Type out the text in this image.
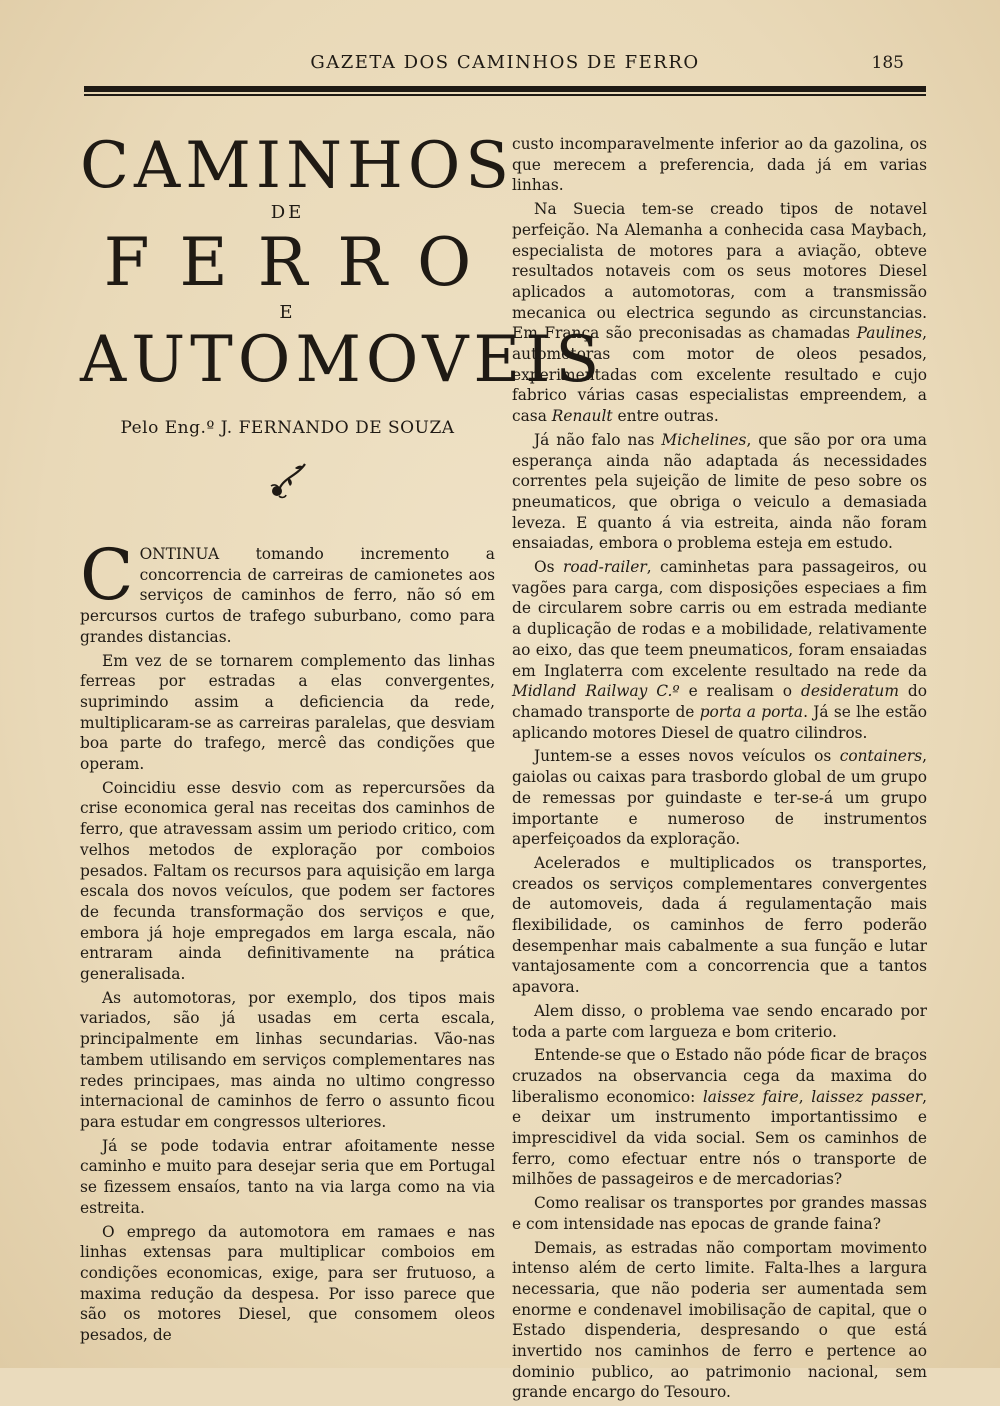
GAZETA DOS CAMINHOS DE FERRO	185
CAMINHOS
DE
FERRO
E
AUTOMOVEIS
Pelo Eng.º J. FERNANDO DE SOUZA

CONTINUA tomando incremento a concorrencia de carreiras de camionetes aos serviços de caminhos de ferro, não só em percursos curtos de trafego suburbano, como para grandes distancias.

Em vez de se tornarem complemento das linhas ferreas por estradas a elas convergentes, suprimindo assim a deficiencia da rede, multiplicaram-se as carreiras paralelas, que desviam boa parte do trafego, mercê das condições que operam.

Coincidiu esse desvio com as repercursões da crise economica geral nas receitas dos caminhos de ferro, que atravessam assim um periodo critico, com velhos metodos de exploração por comboios pesados. Faltam os recursos para aquisição em larga escala dos novos veículos, que podem ser factores de fecunda transformação dos serviços e que, embora já hoje empregados em larga escala, não entraram ainda definitivamente na prática generalisada.

As automotoras, por exemplo, dos tipos mais variados, são já usadas em certa escala, principalmente em linhas secundarias. Vão-nas tambem utilisando em serviços complementares nas redes principaes, mas ainda no ultimo congresso internacional de caminhos de ferro o assunto ficou para estudar em congressos ulteriores.

Já se pode todavia entrar afoitamente nesse caminho e muito para desejar seria que em Portugal se fizessem ensaíos, tanto na via larga como na via estreita.

O emprego da automotora em ramaes e nas linhas extensas para multiplicar comboios em condições economicas, exige, para ser frutuoso, a maxima redução da despesa. Por isso parece que são os motores Diesel, que consomem oleos pesados, de

custo incomparavelmente inferior ao da gazolina, os que merecem a preferencia, dada já em varias linhas.

Na Suecia tem-se creado tipos de notavel perfeição. Na Alemanha a conhecida casa Maybach, especialista de motores para a aviação, obteve resultados notaveis com os seus motores Diesel aplicados a automotoras, com a transmissão mecanica ou electrica segundo as circunstancias. Em França são preconisadas as chamadas Paulines, automotoras com motor de oleos pesados, experimentadas com excelente resultado e cujo fabrico várias casas especialistas empreendem, a casa Renault entre outras.

Já não falo nas Michelines, que são por ora uma esperança ainda não adaptada ás necessidades correntes pela sujeição de limite de peso sobre os pneumaticos, que obriga o veiculo a demasiada leveza. E quanto á via estreita, ainda não foram ensaiadas, embora o problema esteja em estudo.

Os road-railer, caminhetas para passageiros, ou vagões para carga, com disposições especiaes a fim de circularem sobre carris ou em estrada mediante a duplicação de rodas e a mobilidade, relativamente ao eixo, das que teem pneumaticos, foram ensaiadas em Inglaterra com excelente resultado na rede da Midland Railway C.º e realisam o desideratum do chamado transporte de porta a porta. Já se lhe estão aplicando motores Diesel de quatro cilindros.

Juntem-se a esses novos veículos os containers, gaiolas ou caixas para trasbordo global de um grupo de remessas por guindaste e ter-se-á um grupo importante e numeroso de instrumentos aperfeiçoados da exploração.

Acelerados e multiplicados os transportes, creados os serviços complementares convergentes de automoveis, dada á regulamentação mais flexibilidade, os caminhos de ferro poderão desempenhar mais cabalmente a sua função e lutar vantajosamente com a concorrencia que a tantos apavora.

Alem disso, o problema vae sendo encarado por toda a parte com largueza e bom criterio.

Entende-se que o Estado não póde ficar de braços cruzados na observancia cega da maxima do liberalismo economico: laissez faire, laissez passer, e deixar um instrumento importantissimo e imprescidivel da vida social. Sem os caminhos de ferro, como efectuar entre nós o transporte de milhões de passageiros e de mercadorias?

Como realisar os transportes por grandes massas e com intensidade nas epocas de grande faina?

Demais, as estradas não comportam movimento intenso além de certo limite. Falta-lhes a largura necessaria, que não poderia ser aumentada sem enorme e condenavel imobilisação de capital, que o Estado dispenderia, despresando o que está invertido nos caminhos de ferro e pertence ao dominio publico, ao patrimonio nacional, sem grande encargo do Tesouro.
